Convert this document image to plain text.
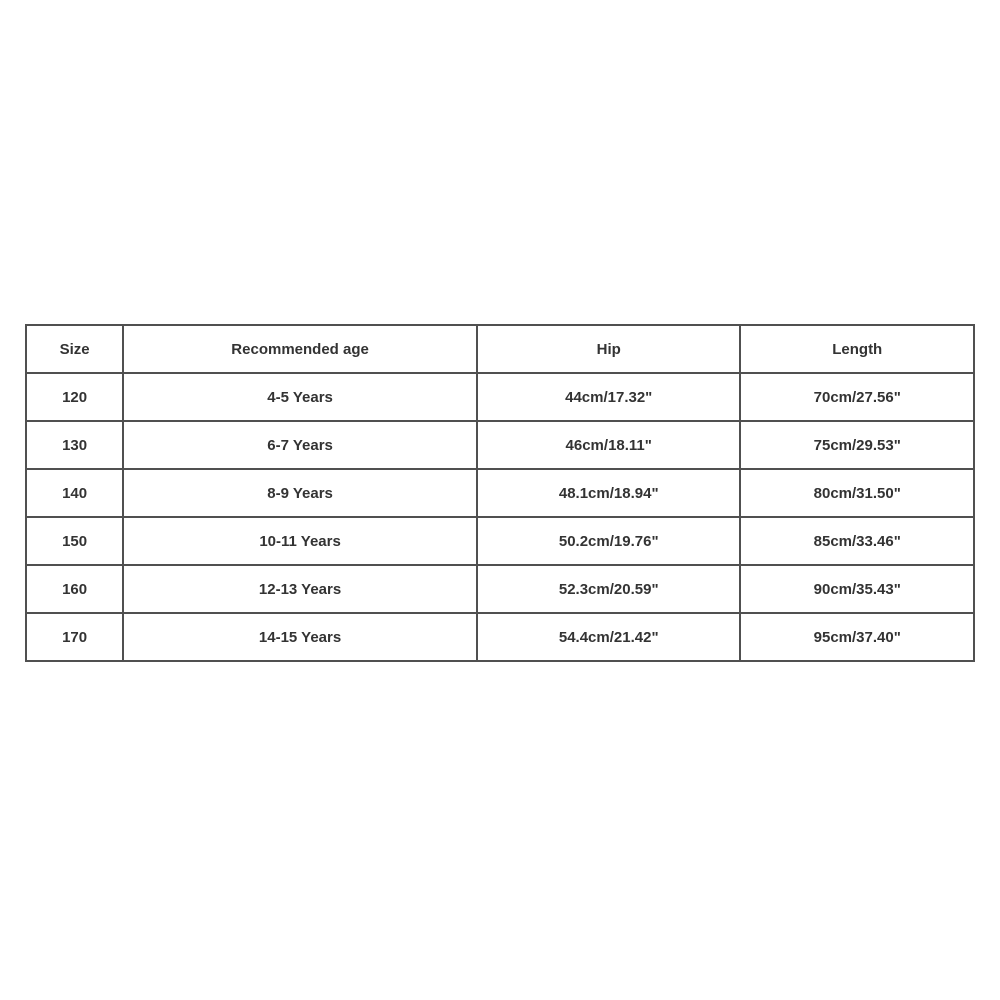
Size	Recommended age	Hip	Length
120	4-5 Years	44cm/17.32"	70cm/27.56"
130	6-7 Years	46cm/18.11"	75cm/29.53"
140	8-9 Years	48.1cm/18.94"	80cm/31.50"
150	10-11 Years	50.2cm/19.76"	85cm/33.46"
160	12-13 Years	52.3cm/20.59"	90cm/35.43"
170	14-15 Years	54.4cm/21.42"	95cm/37.40"
